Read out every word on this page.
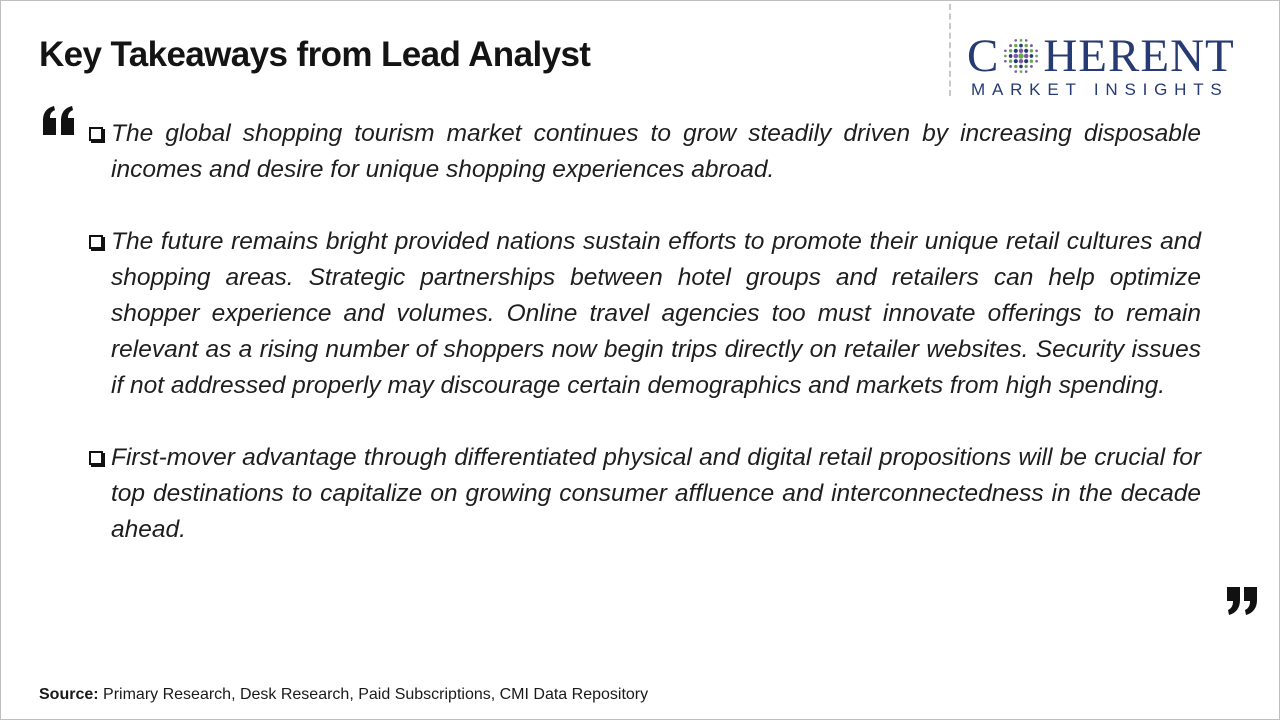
Key Takeaways from Lead Analyst	C HERENT
MARKET INSIGHTS
The global shopping tourism market continues to grow steadily driven by increasing disposable incomes and desire for unique shopping experiences abroad.
The future remains bright provided nations sustain efforts to promote their unique retail cultures and shopping areas. Strategic partnerships between hotel groups and retailers can help optimize shopper experience and volumes. Online travel agencies too must innovate offerings to remain relevant as a rising number of shoppers now begin trips directly on retailer websites. Security issues if not addressed properly may discourage certain demographics and markets from high spending.
First-mover advantage through differentiated physical and digital retail propositions will be crucial for top destinations to capitalize on growing consumer affluence and interconnectedness in the decade ahead.
Source: Primary Research, Desk Research, Paid Subscriptions, CMI Data Repository
